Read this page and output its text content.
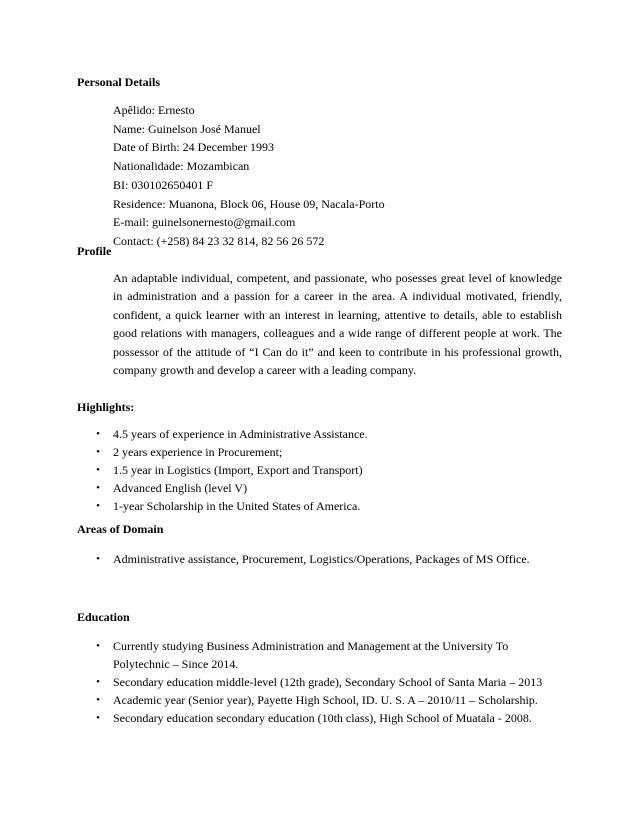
Personal Details
Apêlido: Ernesto
Name: Guinelson José Manuel
Date of Birth: 24 December 1993
Nationalidade: Mozambican
BI: 030102650401 F
Residence: Muanona, Block 06, House 09, Nacala-Porto
E-mail: guinelsonernesto@gmail.com
Contact: (+258) 84 23 32 814, 82 56 26 572
Profile

An adaptable individual, competent, and passionate, who posesses great level of knowledge in administration and a passion for a career in the area. A individual motivated, friendly, confident, a quick learner with an interest in learning, attentive to details, able to establish good relations with managers, colleagues and a wide range of different people at work. The possessor of the attitude of “I Can do it” and keen to contribute in his professional growth, company growth and develop a career with a leading company.

Highlights:
• 4.5 years of experience in Administrative Assistance.
• 2 years experience in Procurement;
• 1.5 year in Logistics (Import, Export and Transport)
• Advanced English (level V)
• 1-year Scholarship in the United States of America.
Areas of Domain
• Administrative assistance, Procurement, Logistics/Operations, Packages of MS Office.
Education
• Currently studying Business Administration and Management at the University To Polytechnic – Since 2014.
• Secondary education middle-level (12th grade), Secondary School of Santa Maria – 2013
• Academic year (Senior year), Payette High School, ID. U. S. A – 2010/11 – Scholarship.
• Secondary education secondary education (10th class), High School of Muatala - 2008.
